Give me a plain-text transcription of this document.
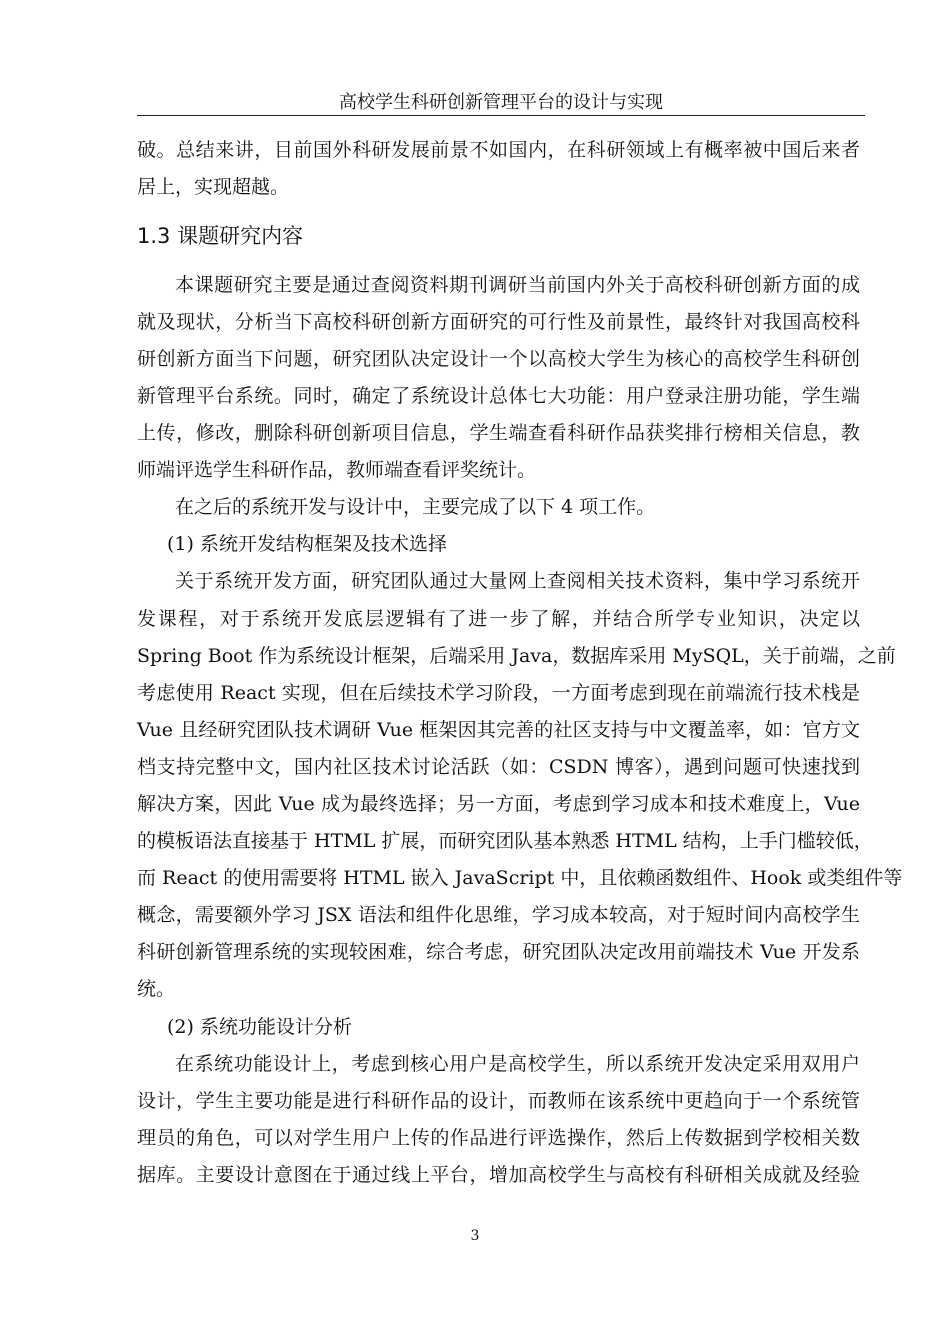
高校学生科研创新管理平台的设计与实现
破。总结来讲，目前国外科研发展前景不如国内，在科研领域上有概率被中国后来者
居上，实现超越。
1.3 课题研究内容
本课题研究主要是通过查阅资料期刊调研当前国内外关于高校科研创新方面的成
就及现状，分析当下高校科研创新方面研究的可行性及前景性，最终针对我国高校科
研创新方面当下问题，研究团队决定设计一个以高校大学生为核心的高校学生科研创
新管理平台系统。同时，确定了系统设计总体七大功能：用户登录注册功能，学生端
上传，修改，删除科研创新项目信息，学生端查看科研作品获奖排行榜相关信息，教
师端评选学生科研作品，教师端查看评奖统计。
在之后的系统开发与设计中，主要完成了以下 4 项工作。
(1) 系统开发结构框架及技术选择
关于系统开发方面，研究团队通过大量网上查阅相关技术资料，集中学习系统开
发课程，对于系统开发底层逻辑有了进一步了解，并结合所学专业知识，决定以
Spring Boot 作为系统设计框架，后端采用 Java，数据库采用 MySQL，关于前端，之前
考虑使用 React 实现，但在后续技术学习阶段，一方面考虑到现在前端流行技术栈是
Vue 且经研究团队技术调研 Vue 框架因其完善的社区支持与中文覆盖率，如：官方文
档支持完整中文，国内社区技术讨论活跃（如：CSDN 博客），遇到问题可快速找到
解决方案，因此 Vue 成为最终选择；另一方面，考虑到学习成本和技术难度上，Vue
的模板语法直接基于 HTML 扩展，而研究团队基本熟悉 HTML 结构，上手门槛较低，
而 React 的使用需要将 HTML 嵌入 JavaScript 中，且依赖函数组件、Hook 或类组件等
概念，需要额外学习 JSX 语法和组件化思维，学习成本较高，对于短时间内高校学生
科研创新管理系统的实现较困难，综合考虑，研究团队决定改用前端技术 Vue 开发系
统。
(2) 系统功能设计分析
在系统功能设计上，考虑到核心用户是高校学生，所以系统开发决定采用双用户
设计，学生主要功能是进行科研作品的设计，而教师在该系统中更趋向于一个系统管
理员的角色，可以对学生用户上传的作品进行评选操作，然后上传数据到学校相关数
据库。主要设计意图在于通过线上平台，增加高校学生与高校有科研相关成就及经验
3
